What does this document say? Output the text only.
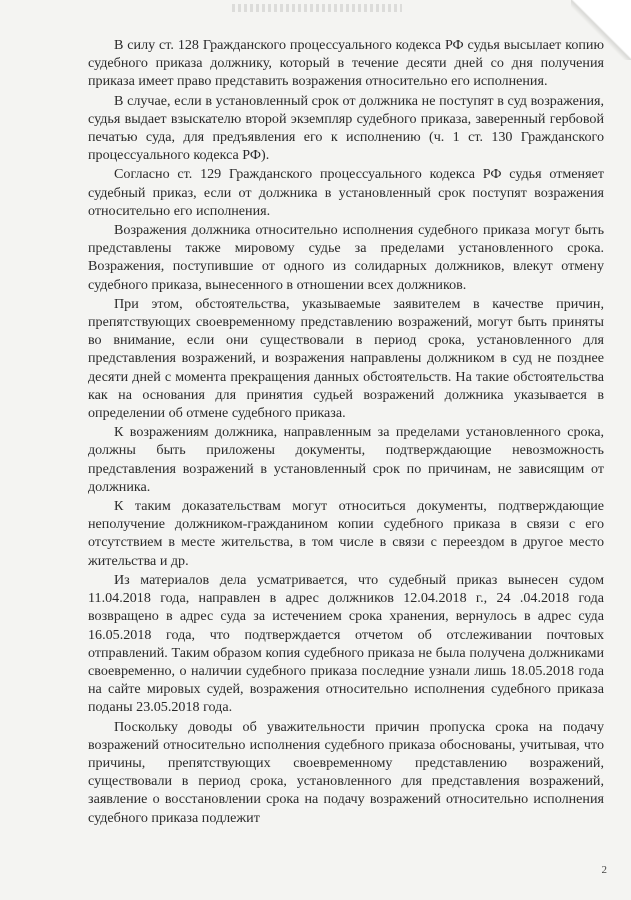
В силу ст. 128 Гражданского процессуального кодекса РФ судья высылает копию судебного приказа должнику, который в течение десяти дней со дня получения приказа имеет право представить возражения относительно его исполнения.

В случае, если в установленный срок от должника не поступят в суд возражения, судья выдает взыскателю второй экземпляр судебного приказа, заверенный гербовой печатью суда, для предъявления его к исполнению (ч. 1 ст. 130 Гражданского процессуального кодекса РФ).

Согласно ст. 129 Гражданского процессуального кодекса РФ судья отменяет судебный приказ, если от должника в установленный срок поступят возражения относительно его исполнения.

Возражения должника относительно исполнения судебного приказа могут быть представлены также мировому судье за пределами установленного срока. Возражения, поступившие от одного из солидарных должников, влекут отмену судебного приказа, вынесенного в отношении всех должников.

При этом, обстоятельства, указываемые заявителем в качестве причин, препятствующих своевременному представлению возражений, могут быть приняты во внимание, если они существовали в период срока, установленного для представления возражений, и возражения направлены должником в суд не позднее десяти дней с момента прекращения данных обстоятельств. На такие обстоятельства как на основания для принятия судьей возражений должника указывается в определении об отмене судебного приказа.

К возражениям должника, направленным за пределами установленного срока, должны быть приложены документы, подтверждающие невозможность представления возражений в установленный срок по причинам, не зависящим от должника.

К таким доказательствам могут относиться документы, подтверждающие неполучение должником-гражданином копии судебного приказа в связи с его отсутствием в месте жительства, в том числе в связи с переездом в другое место жительства и др.

Из материалов дела усматривается, что судебный приказ вынесен судом 11.04.2018 года, направлен в адрес должников 12.04.2018 г., 24 .04.2018 года возвращено в адрес суда за истечением срока хранения, вернулось в адрес суда 16.05.2018 года, что подтверждается отчетом об отслеживании почтовых отправлений. Таким образом копия судебного приказа не была получена должниками своевременно, о наличии судебного приказа последние узнали лишь 18.05.2018 года на сайте мировых судей, возражения относительно исполнения судебного приказа поданы 23.05.2018 года.

Поскольку доводы об уважительности причин пропуска срока на подачу возражений относительно исполнения судебного приказа обоснованы, учитывая, что причины, препятствующих своевременному представлению возражений, существовали в период срока, установленного для представления возражений, заявление о восстановлении срока на подачу возражений относительно исполнения судебного приказа подлежит

2
